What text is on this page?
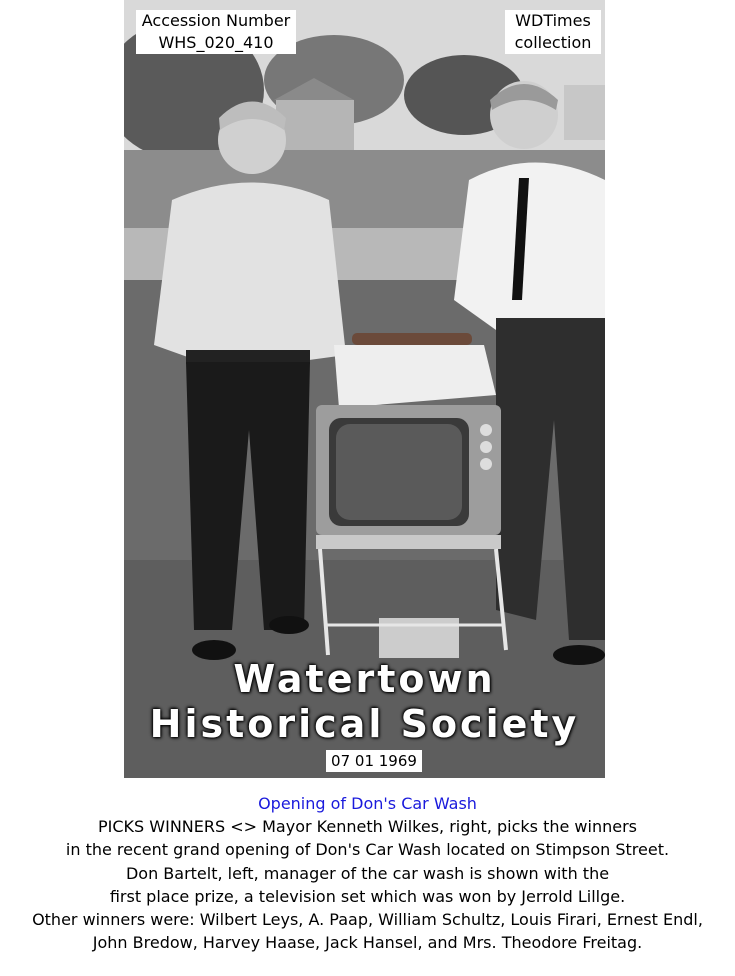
Accession Number
WHS_020_410
WDTimes
collection
Watertown
Historical Society
07 01 1969
Opening of Don's Car Wash
PICKS WINNERS <> Mayor Kenneth Wilkes, right, picks the winners
in the recent grand opening of Don's Car Wash located on Stimpson Street.
Don Bartelt, left, manager of the car wash is shown with the
first place prize, a television set which was won by Jerrold Lillge.
Other winners were: Wilbert Leys, A. Paap, William Schultz, Louis Firari, Ernest Endl,
John Bredow, Harvey Haase, Jack Hansel, and Mrs. Theodore Freitag.
